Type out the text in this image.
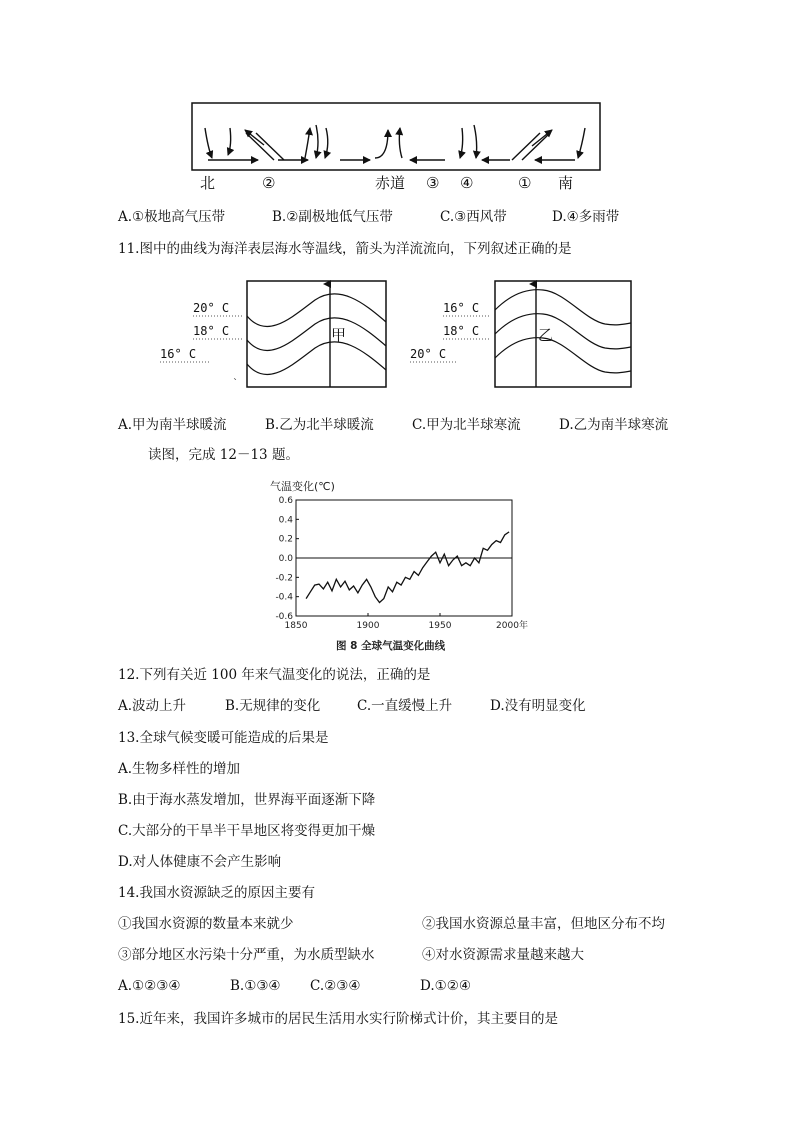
北	②	赤道 ③ ④	① 南
A.①极地高气压带	B.②副极地低气压带	C.③西风带	D.④多雨带
11.图中的曲线为海洋表层海水等温线，箭头为洋流流向，下列叙述正确的是
20° C
18° C
16° C
甲
`
16° C
18° C
20° C
乙
A.甲为南半球暖流	B.乙为北半球暖流	C.甲为北半球寒流	D.乙为南半球寒流
读图，完成 12－13 题。
气温变化(℃)
0.6
0.4
0.2
0.0
-0.2
-0.4
-0.6
1850	1900	1950	2000年
图 8 全球气温变化曲线
12.下列有关近 100 年来气温变化的说法，正确的是
A.波动上升	B.无规律的变化	C.一直缓慢上升	D.没有明显变化
13.全球气候变暖可能造成的后果是
A.生物多样性的增加
B.由于海水蒸发增加，世界海平面逐渐下降
C.大部分的干旱半干旱地区将变得更加干燥
D.对人体健康不会产生影响
14.我国水资源缺乏的原因主要有
①我国水资源的数量本来就少	②我国水资源总量丰富，但地区分布不均
③部分地区水污染十分严重，为水质型缺水	④对水资源需求量越来越大
A.①②③④	B.①③④ C.②③④	D.①②④
15.近年来，我国许多城市的居民生活用水实行阶梯式计价，其主要目的是
